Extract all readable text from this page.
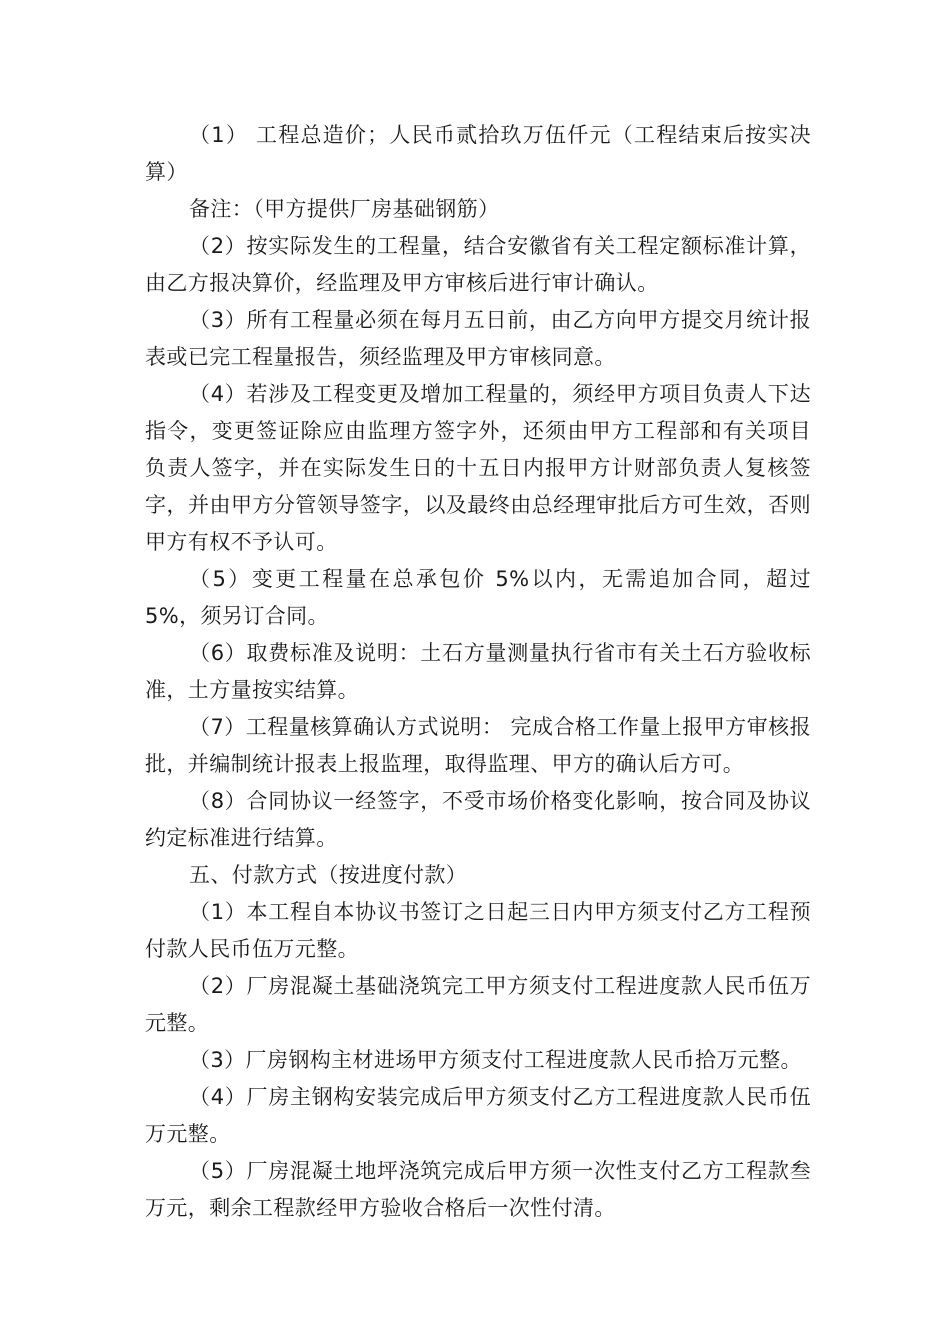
（1） 工程总造价；人民币贰拾玖万伍仟元（工程结束后按实决算）

备注：（甲方提供厂房基础钢筋）

（2）按实际发生的工程量，结合安徽省有关工程定额标准计算，由乙方报决算价，经监理及甲方审核后进行审计确认。

（3）所有工程量必须在每月五日前，由乙方向甲方提交月统计报表或已完工程量报告，须经监理及甲方审核同意。

（4）若涉及工程变更及增加工程量的，须经甲方项目负责人下达指令，变更签证除应由监理方签字外，还须由甲方工程部和有关项目 负责人签字，并在实际发生日的十五日内报甲方计财部负责人复核签字，并由甲方分管领导签字，以及最终由总经理审批后方可生效，否则甲方有权不予认可。

（5）变更工程量在总承包价 5%以内，无需追加合同，超过 5%，须另订合同。

（6）取费标准及说明：土石方量测量执行省市有关土石方验收标准，土方量按实结算。

（7）工程量核算确认方式说明： 完成合格工作量上报甲方审核报批，并编制统计报表上报监理，取得监理、甲方的确认后方可。

（8）合同协议一经签字，不受市场价格变化影响，按合同及协议约定标准进行结算。

五、付款方式（按进度付款）

（1）本工程自本协议书签订之日起三日内甲方须支付乙方工程预付款人民币伍万元整。

（2）厂房混凝土基础浇筑完工甲方须支付工程进度款人民币伍万元整。

（3）厂房钢构主材进场甲方须支付工程进度款人民币拾万元整。

（4）厂房主钢构安装完成后甲方须支付乙方工程进度款人民币伍万元整。

（5）厂房混凝土地坪浇筑完成后甲方须一次性支付乙方工程款叁万元，剩余工程款经甲方验收合格后一次性付清。
